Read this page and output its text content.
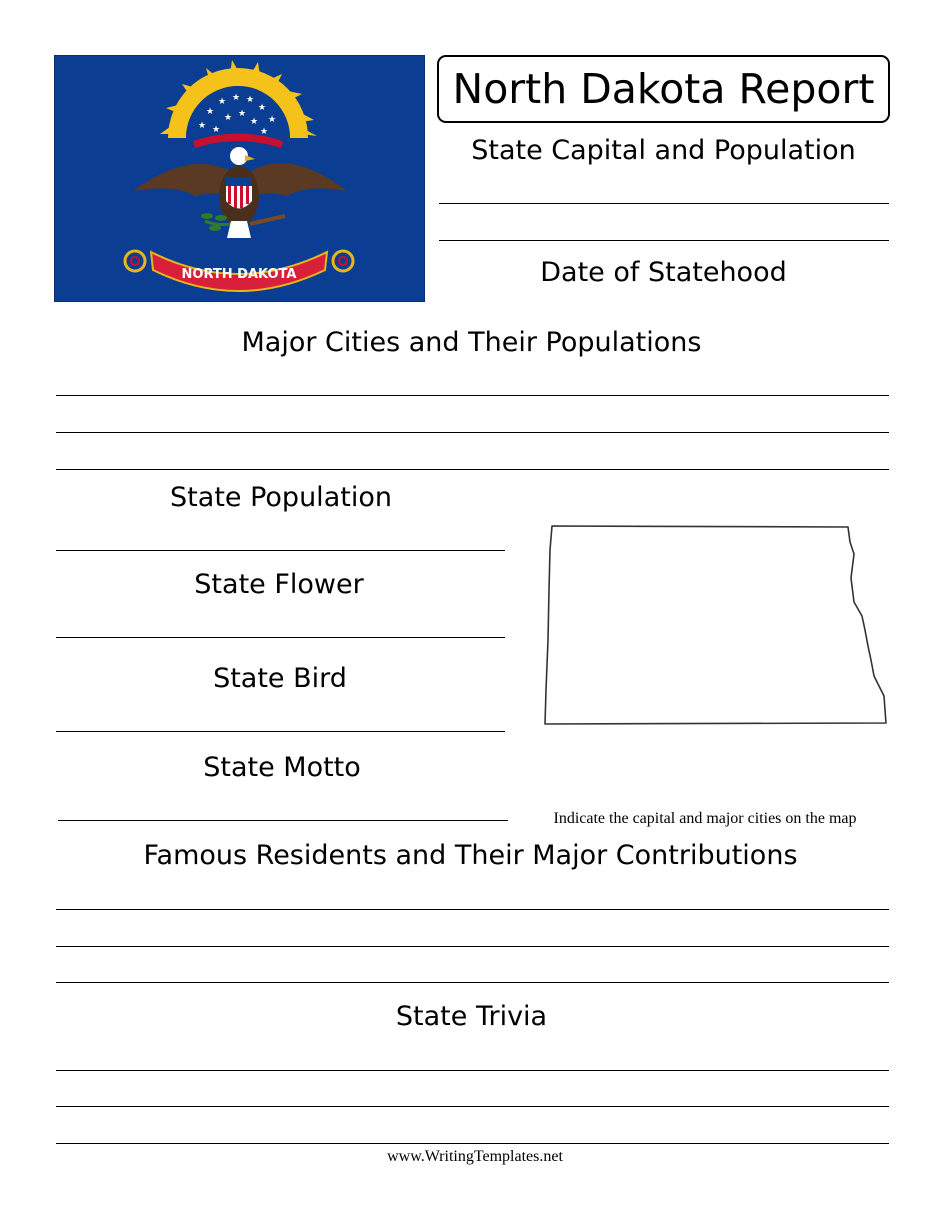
★
★
★ ★ ★
★
★
★ ★
★
★	★
NORTH DAKOTA
North Dakota Report
State Capital and Population
Date of Statehood
Major Cities and Their Populations
State Population
State Flower
State Bird
State Motto
Indicate the capital and major cities on the map
Famous Residents and Their Major Contributions
State Trivia
www.WritingTemplates.net
